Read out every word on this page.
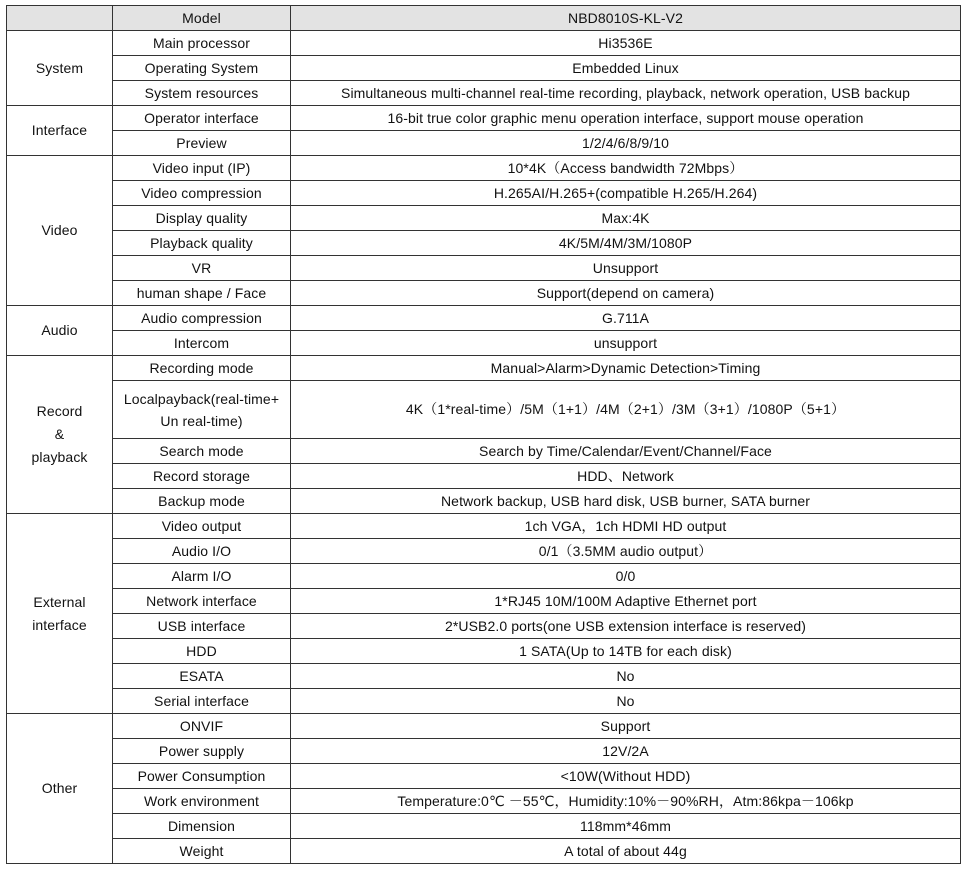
	Model	NBD8010S-KL-V2
System	Main processor	Hi3536E
	Operating System	Embedded Linux
	System resources	Simultaneous multi-channel real-time recording, playback, network operation, USB backup
Interface	Operator interface	16-bit true color graphic menu operation interface, support mouse operation
	Preview	1/2/4/6/8/9/10
Video	Video input (IP)	10*4K（Access bandwidth 72Mbps）
	Video compression	H.265AI/H.265+(compatible H.265/H.264)
	Display quality	Max:4K
	Playback quality	4K/5M/4M/3M/1080P
	VR	Unsupport
	human shape / Face	Support(depend on camera)
Audio	Audio compression	G.711A
	Intercom	unsupport

Record
&
playback	Recording mode	Manual>Alarm>Dynamic Detection>Timing
	Localpayback(real-time+ Un real-time)	4K（1*real-time）/5M（1+1）/4M（2+1）/3M（3+1）/1080P（5+1）
	Search mode	Search by Time/Calendar/Event/Channel/Face
	Record storage	HDD、Network
	Backup mode	Network backup, USB hard disk, USB burner, SATA burner

External
interface	Video output	1ch VGA，1ch HDMI HD output
	Audio I/O	0/1（3.5MM audio output）
	Alarm I/O	0/0
	Network interface	1*RJ45 10M/100M Adaptive Ethernet port
	USB interface	2*USB2.0 ports(one USB extension interface is reserved)
	HDD	1 SATA(Up to 14TB for each disk)
	ESATA	No
	Serial interface	No
Other	ONVIF	Support
	Power supply	12V/2A
	Power Consumption	<10W(Without HDD)
	Work environment	Temperature:0℃ －55℃，Humidity:10%－90%RH，Atm:86kpa－106kp
	Dimension	118mm*46mm
	Weight	A total of about 44g
